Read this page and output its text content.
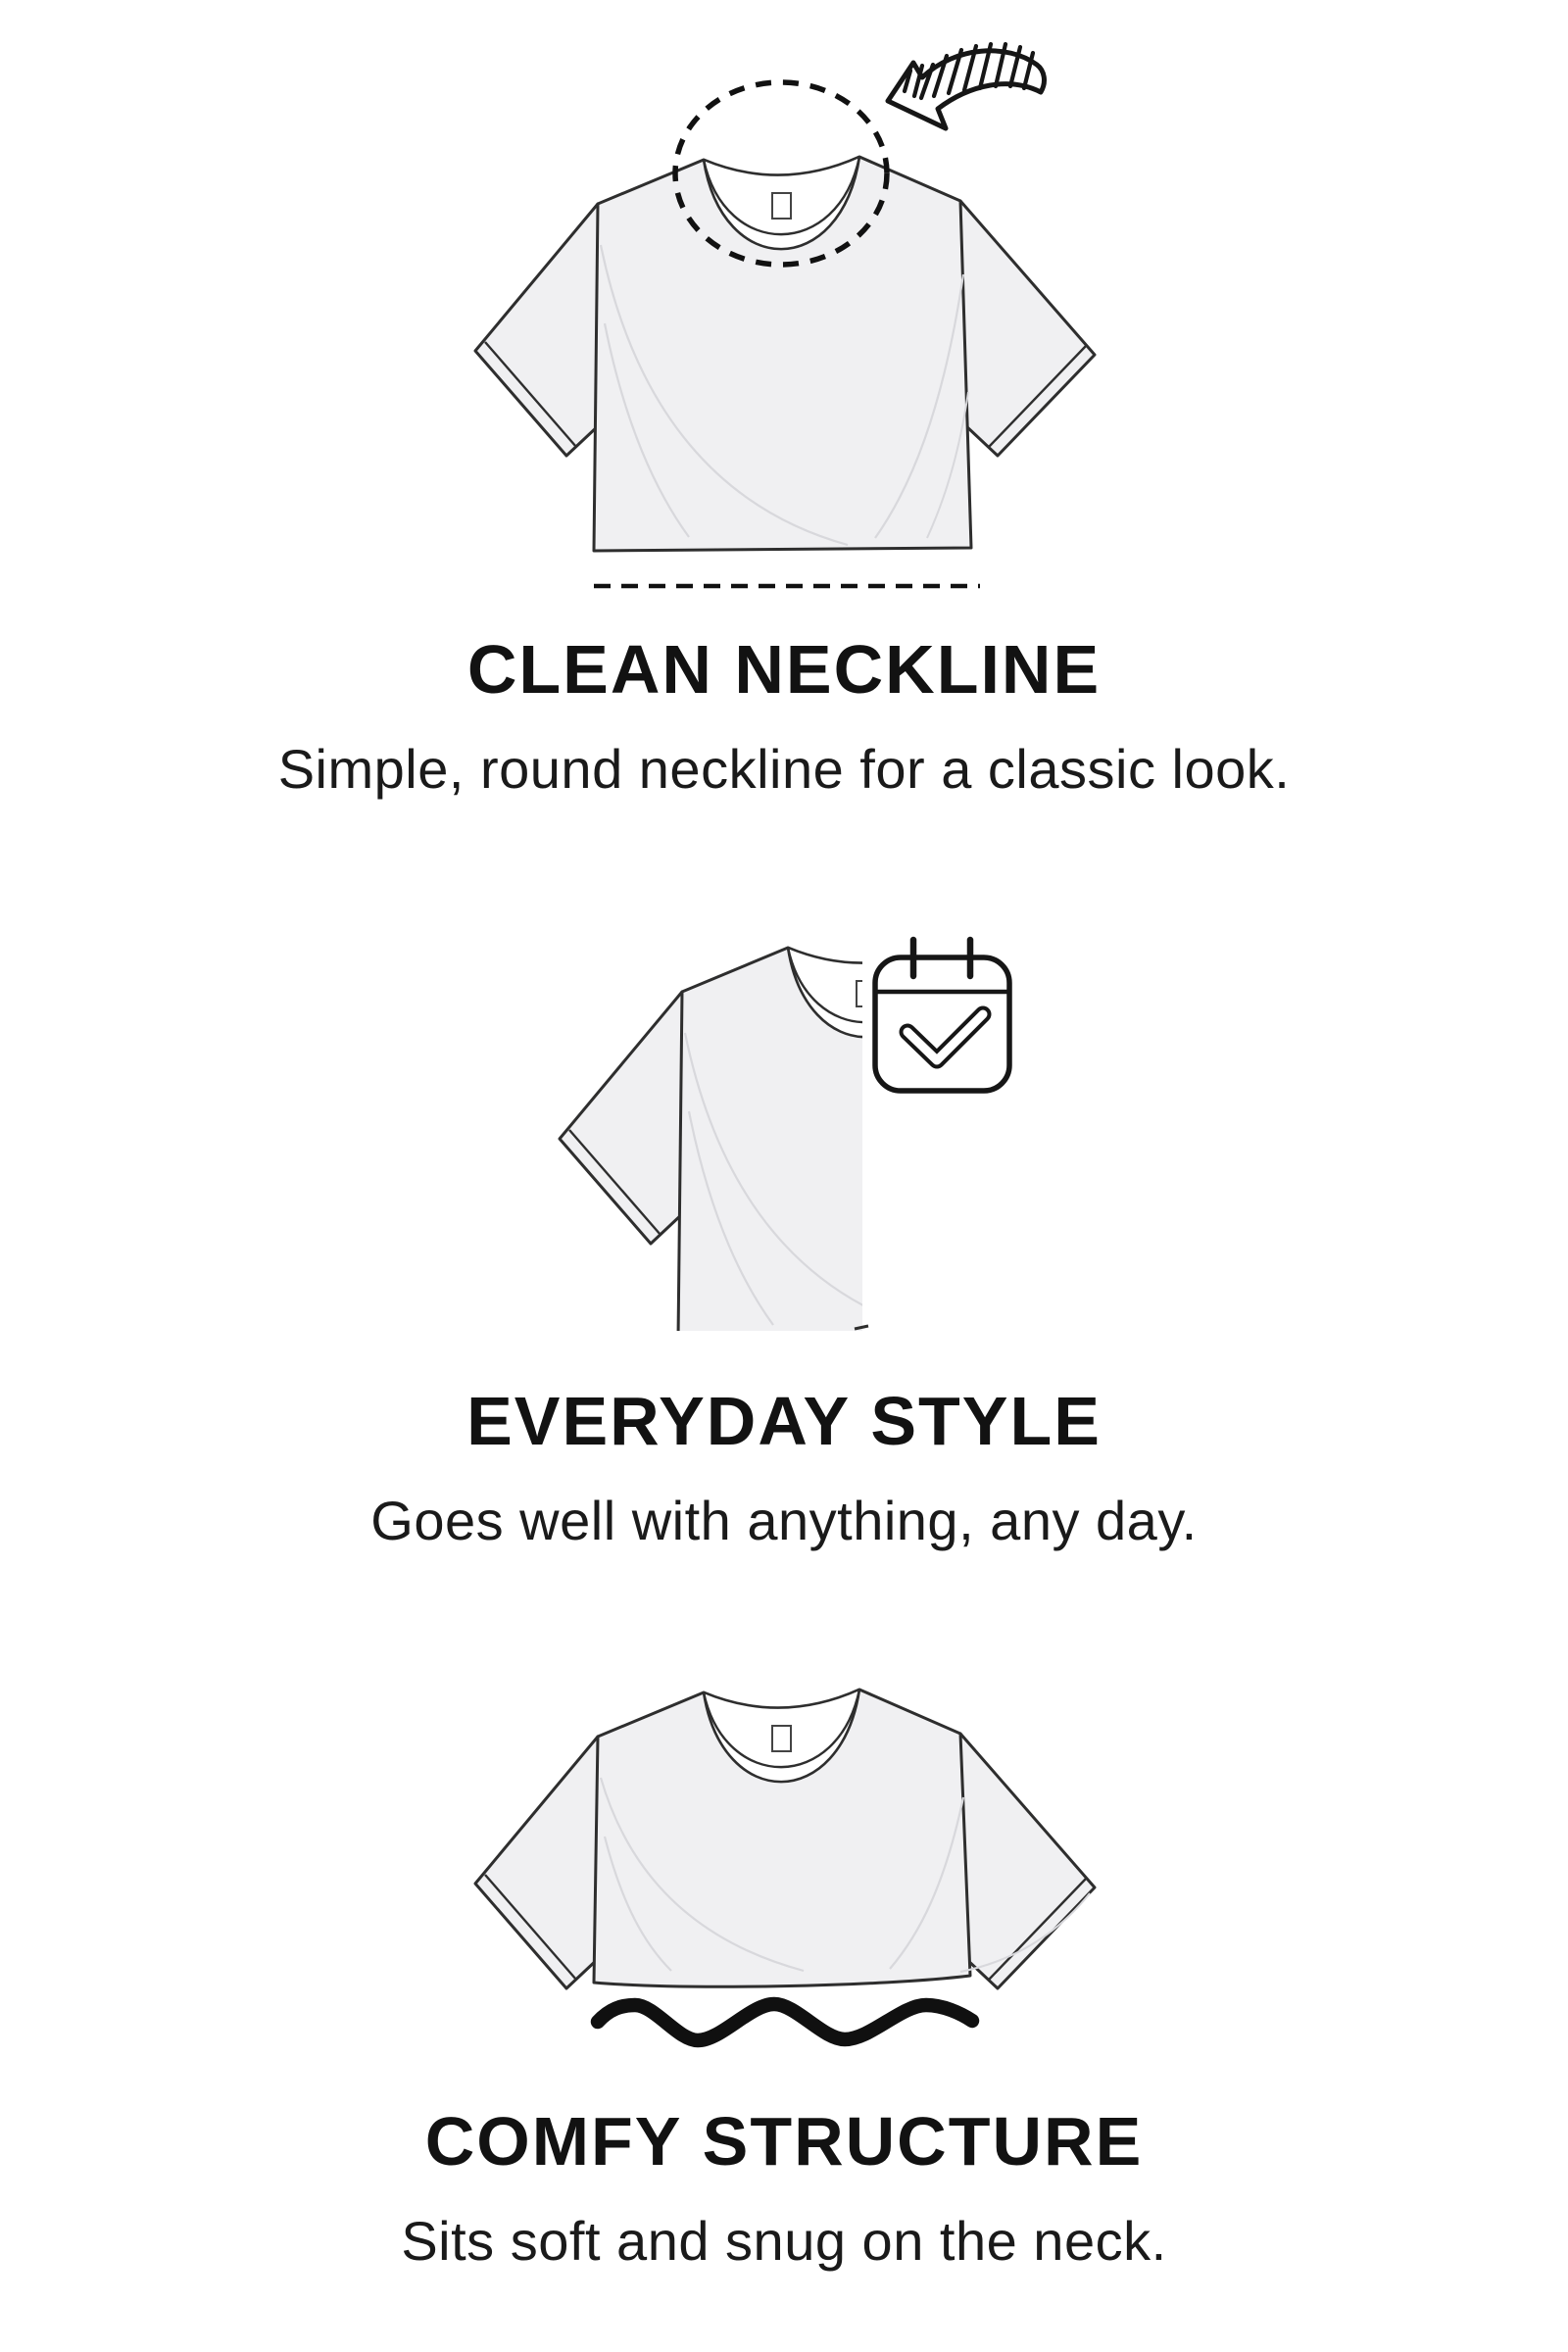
CLEAN NECKLINE

Simple, round neckline for a classic look.

EVERYDAY STYLE

Goes well with anything, any day.

COMFY STRUCTURE

Sits soft and snug on the neck.
